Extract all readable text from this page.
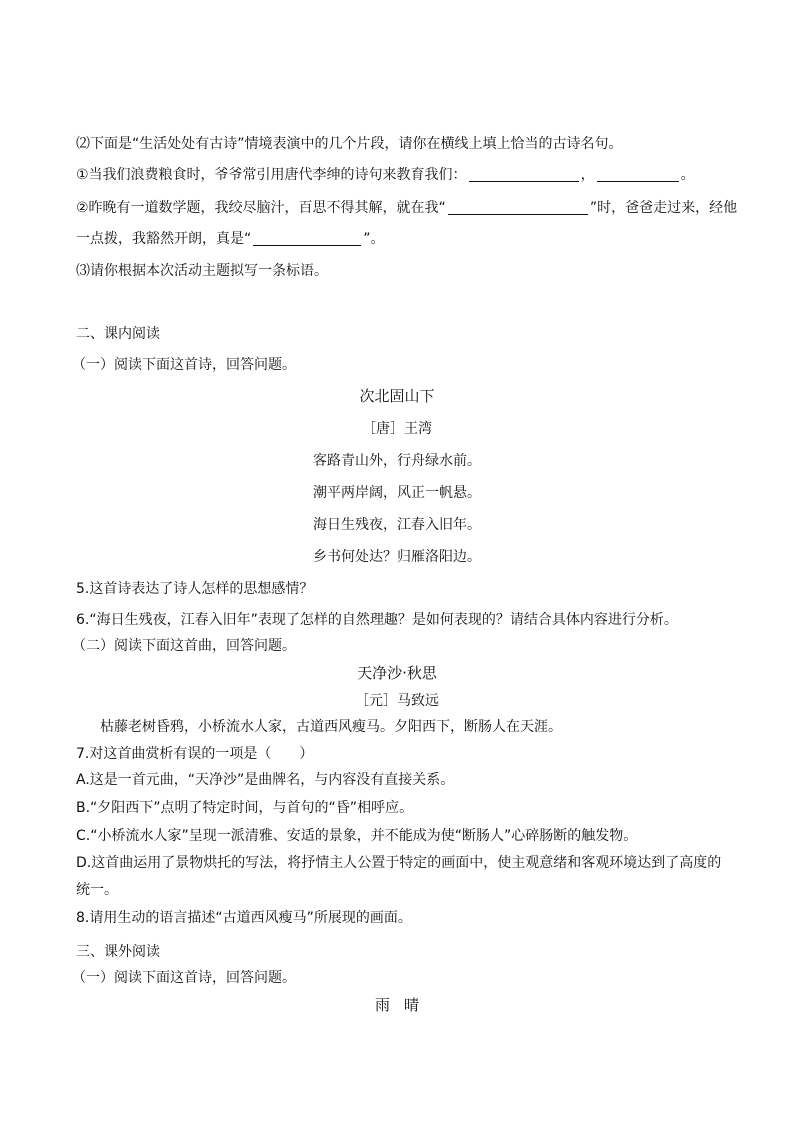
⑵下面是“生活处处有古诗”情境表演中的几个片段，请你在横线上填上恰当的古诗名句。
①当我们浪费粮食时，爷爷常引用唐代李绅的诗句来教育我们：	，	。
②昨晚有一道数学题，我绞尽脑汁，百思不得其解，就在我“	”时，爸爸走过来，经他
一点拨，我豁然开朗，真是“	”。
⑶请你根据本次活动主题拟写一条标语。
二、课内阅读
（一）阅读下面这首诗，回答问题。
次北固山下
［唐］王湾
客路青山外，行舟绿水前。
潮平两岸阔，风正一帆悬。
海日生残夜，江春入旧年。
乡书何处达？归雁洛阳边。
5.这首诗表达了诗人怎样的思想感情？
6.“海日生残夜，江春入旧年”表现了怎样的自然理趣？是如何表现的？请结合具体内容进行分析。
（二）阅读下面这首曲，回答问题。
天净沙·秋思
［元］马致远
枯藤老树昏鸦，小桥流水人家，古道西风瘦马。夕阳西下，断肠人在天涯。
7.对这首曲赏析有误的一项是（　　）
A.这是一首元曲，“天净沙”是曲牌名，与内容没有直接关系。
B.“夕阳西下”点明了特定时间，与首句的“昏”相呼应。
C.“小桥流水人家”呈现一派清雅、安适的景象，并不能成为使“断肠人”心碎肠断的触发物。
D.这首曲运用了景物烘托的写法，将抒情主人公置于特定的画面中，使主观意绪和客观环境达到了高度的
统一。
8.请用生动的语言描述“古道西风瘦马”所展现的画面。
三、课外阅读
（一）阅读下面这首诗，回答问题。
雨晴
